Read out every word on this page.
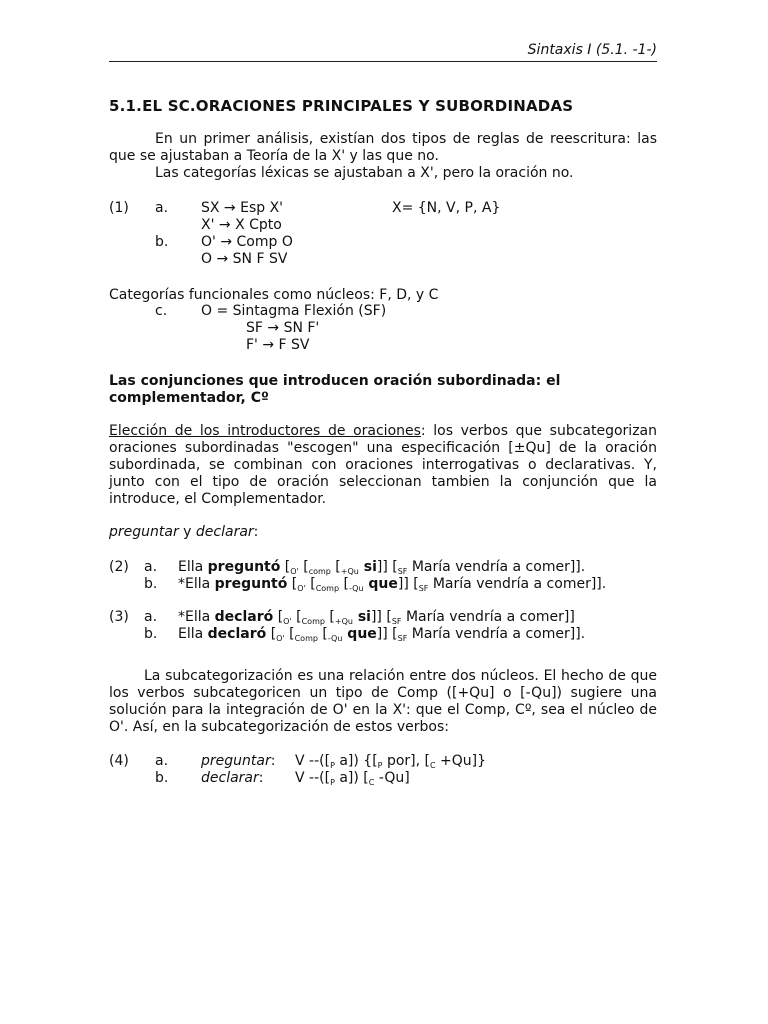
Sintaxis I (5.1. -1-)
5.1.EL SC.ORACIONES PRINCIPALES Y SUBORDINADAS
En un primer análisis, existían dos tipos de reglas de reescritura: las que se ajustaban a Teoría de la X' y las que no.
Las categorías léxicas se ajustaban a X', pero la oración no.
(1) a. SX → Esp X'	X= {N, V, P, A}
X' → X Cpto
b. O' → Comp O
O → SN F SV
Categorías funcionales como núcleos: F, D, y C
c. O = Sintagma Flexión (SF)
SF → SN F'
F' → F SV
Las conjunciones que introducen oración subordinada: el complementador, Cº
Elección de los introductores de oraciones: los verbos que subcategorizan oraciones subordinadas "escogen" una especificación [±Qu] de la oración subordinada, se combinan con oraciones interrogativas o declarativas. Y, junto con el tipo de oración seleccionan tambien la conjunción que la introduce, el Complementador.
preguntar y declarar:
(2) a. Ella preguntó [$_{O'}$ [$_{comp}$ [$_{+Qu}$ si]] [$_{SF}$ María vendría a comer]].
b. *Ella preguntó [$_{O'}$ [$_{Comp}$ [$_{-Qu}$ que]] [$_{SF}$ María vendría a comer]].
(3) a. *Ella declaró [$_{O'}$ [$_{Comp}$ [$_{+Qu}$ si]] [$_{SF}$ María vendría a comer]]
b. Ella declaró [$_{O'}$ [$_{Comp}$ [$_{-Qu}$ que]] [$_{SF}$ María vendría a comer]].
La subcategorización es una relación entre dos núcleos. El hecho de que los verbos subcategoricen un tipo de Comp ([+Qu] o [-Qu]) sugiere una solución para la integración de O' en la X': que el Comp, Cº, sea el núcleo de O'. Así, en la subcategorización de estos verbos:
(4) a. preguntar: V $--([_P$ a]) {[$_P$ por], $[_C +Qu]$}
b. declarar: V $--([_P$ a]) [$_C$ -Qu]
